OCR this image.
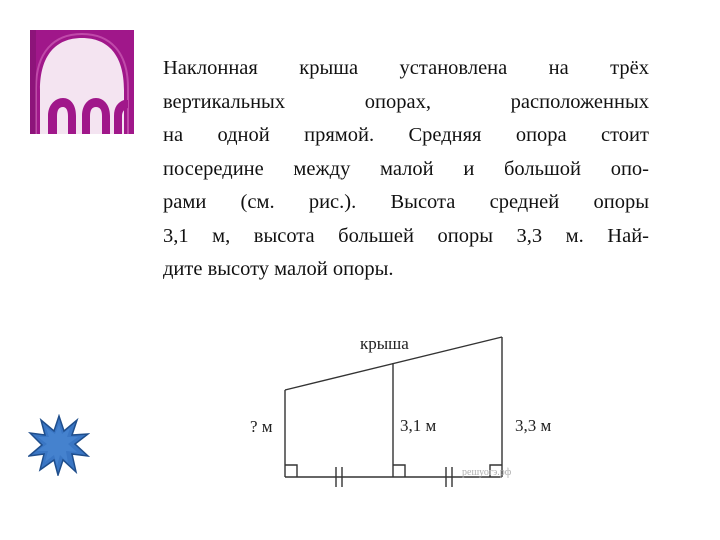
Наклонная крыша установлена на трёх
вертикальных опорах, расположенных
на одной прямой. Средняя опора стоит
посередине между малой и большой опо-
рами (см. рис.). Высота средней опоры
3,1 м, высота большей опоры 3,3 м. Най-
дите высоту малой опоры.
крыша
? м	3,1 м	3,3 м
решуогэ.рф
